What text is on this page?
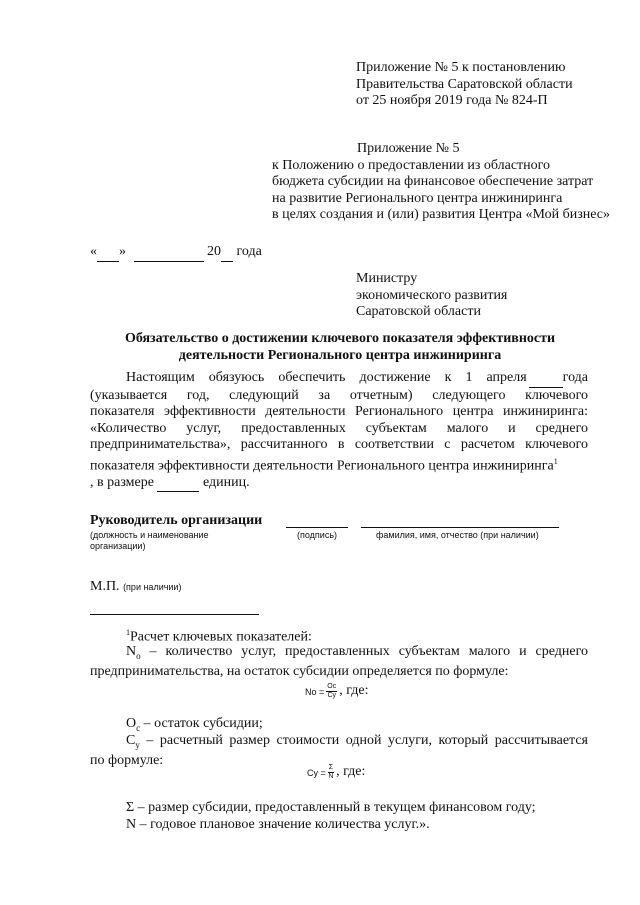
Приложение № 5 к постановлению
Правительства Саратовской области
от 25 ноября 2019 года № 824-П
Приложение № 5
к Положению о предоставлении из областного
бюджета субсидии на финансовое обеспечение затрат
на развитие Регионального центра инжиниринга
в целях создания и (или) развития Центра «Мой бизнес»
« »	20 года
Министру
экономического развития
Саратовской области
Обязательство о достижении ключевого показателя эффективности
деятельности Регионального центра инжиниринга
Настоящим обязуюсь обеспечить достижение к 1 апреля	года
(указывается год, следующий за отчетным) следующего ключевого
показателя эффективности деятельности Регионального центра инжиниринга:
«Количество услуг, предоставленных субъектам малого и среднего
предпринимательства», рассчитанного в соответствии с расчетом ключевого
показателя эффективности деятельности Регионального центра инжиниринга$^1$
, в размере	единиц.
Руководитель организации
(должность и наименование
организации)
(подпись)	фамилия, имя, отчество (при наличии)
М.П. (при наличии)
$^1$Расчет ключевых показателей:
$N_o$ – количество услуг, предоставленных субъектам малого и среднего
предпринимательства, на остаток субсидии определяется по формуле:
$No = \frac{Oc}{Cy}$ , где:
$О_с$ – остаток субсидии;
$С_у$ – расчетный размер стоимости одной услуги, который рассчитывается
по формуле:
$Cy = \frac{\Sigma}{N}$ , где:
Σ – размер субсидии, предоставленный в текущем финансовом году;
N – годовое плановое значение количества услуг.».
